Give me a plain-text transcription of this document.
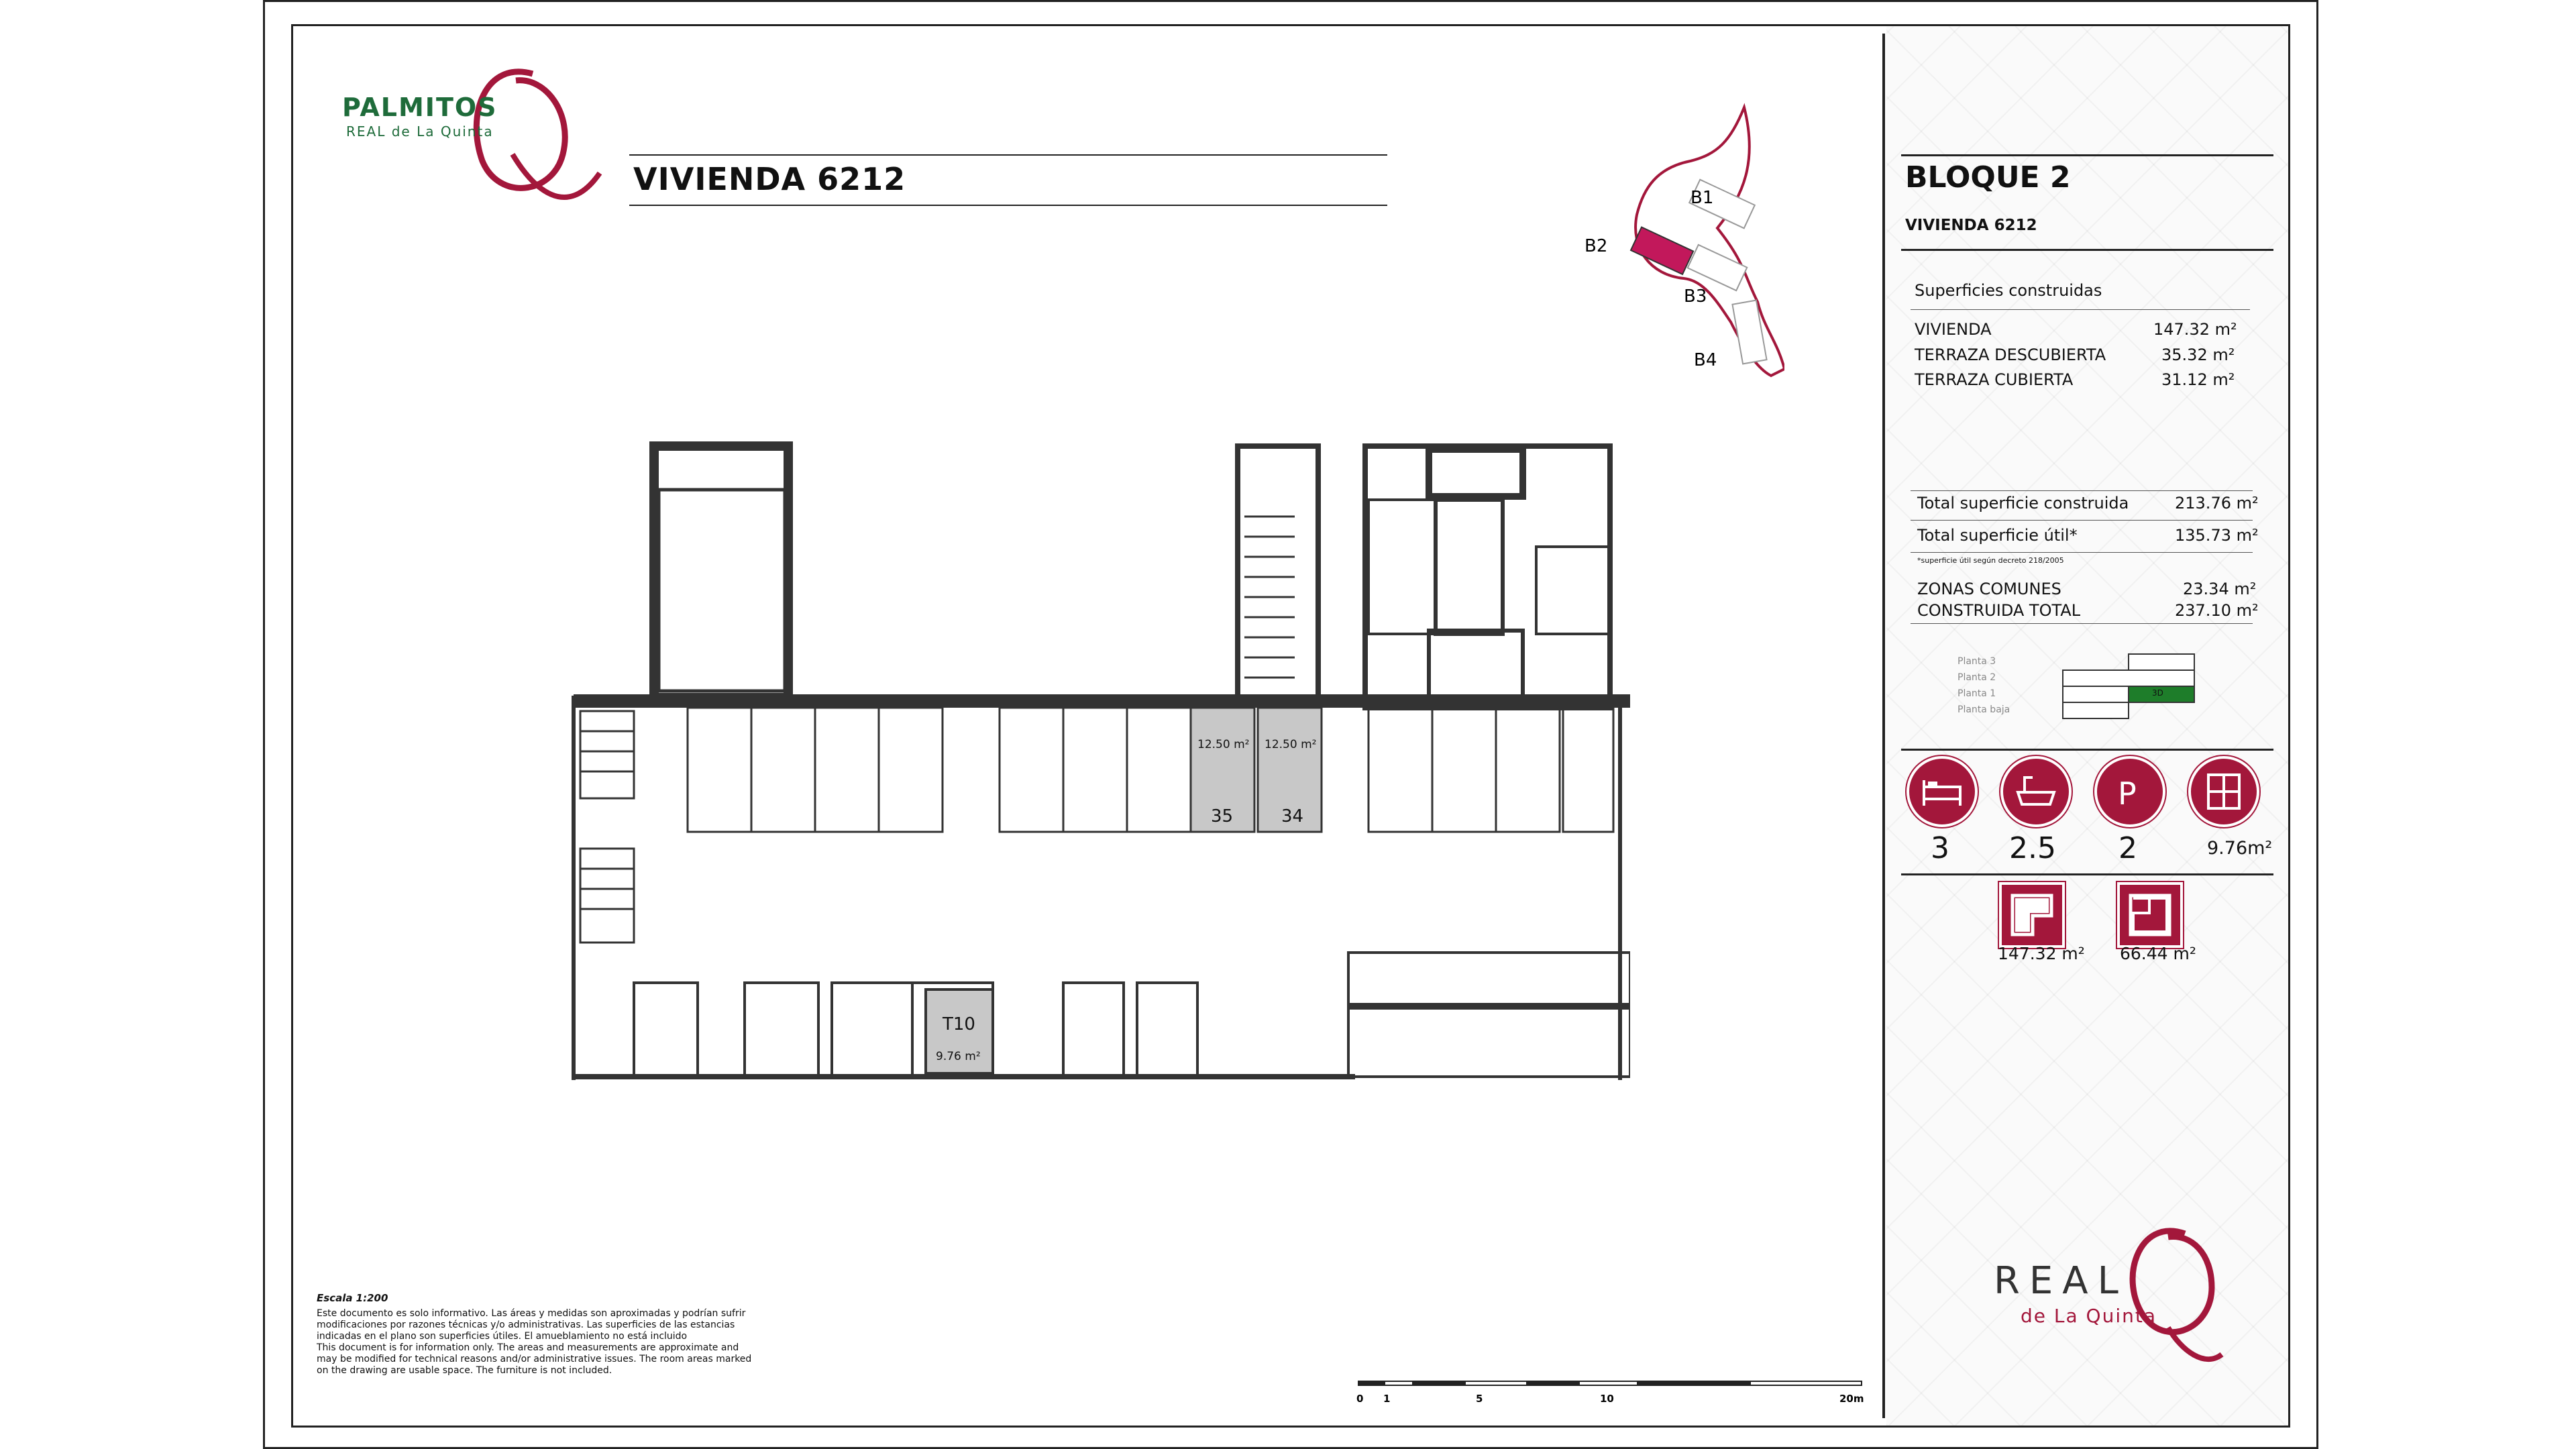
PALMITOS
REAL de La Quinta
VIVIENDA 6212
B1
B2
B3
B4
12.50 m² 12.50 m²
35	34
T10
9.76 m²
Escala 1:200
Este documento es solo informativo. Las áreas y medidas son aproximadas y podrían sufrir
modificaciones por razones técnicas y/o administrativas. Las superficies de las estancias
indicadas en el plano son superficies útiles. El amueblamiento no está incluido
This document is for information only. The areas and measurements are approximate and
may be modified for technical reasons and/or administrative issues. The room areas marked
on the drawing are usable space. The furniture is not included.
0 1	5	10	20m
BLOQUE 2
VIVIENDA 6212
Superficies construidas
VIVIENDA	147.32 m²
TERRAZA DESCUBIERTA	35.32 m²
TERRAZA CUBIERTA	31.12 m²
Total superficie construida	213.76 m²
Total superficie útil*	135.73 m²
*superficie útil según decreto 218/2005
ZONAS COMUNES	23.34 m²
CONSTRUIDA TOTAL	237.10 m²
Planta 3
Planta 2
Planta 1
Planta baja
3D
P
3 2.5 2	9.76m²
147.32 m² 66.44 m²
REAL
de La Quinta
